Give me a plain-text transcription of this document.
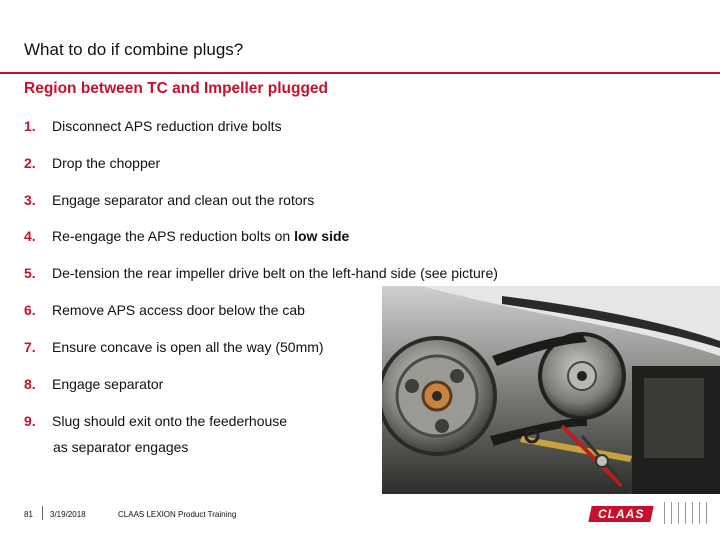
What to do if combine plugs?
Region between TC and Impeller plugged
1. Disconnect APS reduction drive bolts
2. Drop the chopper
3. Engage separator and clean out the rotors
4. Re-engage the APS reduction bolts on low side
5. De-tension the rear impeller drive belt on the left-hand side (see picture)
6. Remove APS access door below the cab
7. Ensure concave is open all the way (50mm)
8. Engage separator
9. Slug should exit onto the feederhouse
as separator engages
81 3/19/2018	CLAAS LEXION Product Training	CLAAS
